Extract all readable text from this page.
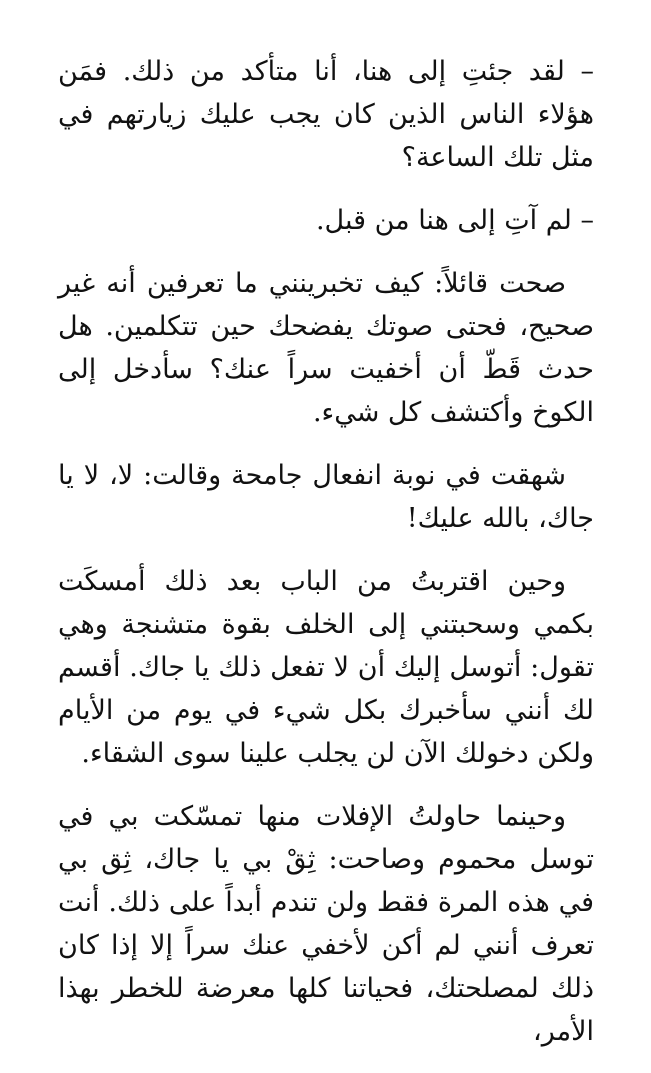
– لقد جئتِ إلى هنا، أنا متأكد من ذلك. فمَن هؤلاء الناس الذين كان يجب عليك زيارتهم في مثل تلك الساعة؟

– لم آتِ إلى هنا من قبل.

صحت قائلاً: كيف تخبرينني ما تعرفين أنه غير صحيح، فحتى صوتك يفضحك حين تتكلمين. هل حدث قَطّ أن أخفيت سراً عنك؟ سأدخل إلى الكوخ وأكتشف كل شيء.

شهقت في نوبة انفعال جامحة وقالت: لا، لا يا جاك، بالله عليك!

وحين اقتربتُ من الباب بعد ذلك أمسكَت بكمي وسحبتني إلى الخلف بقوة متشنجة وهي تقول: أتوسل إليك أن لا تفعل ذلك يا جاك. أقسم لك أنني سأخبرك بكل شيء في يوم من الأيام ولكن دخولك الآن لن يجلب علينا سوى الشقاء.

وحينما حاولتُ الإفلات منها تمسّكت بي في توسل محموم وصاحت: ثِقْ بي يا جاك، ثِق بي في هذه المرة فقط ولن تندم أبداً على ذلك. أنت تعرف أنني لم أكن لأخفي عنك سراً إلا إذا كان ذلك لمصلحتك، فحياتنا كلها معرضة للخطر بهذا الأمر،
